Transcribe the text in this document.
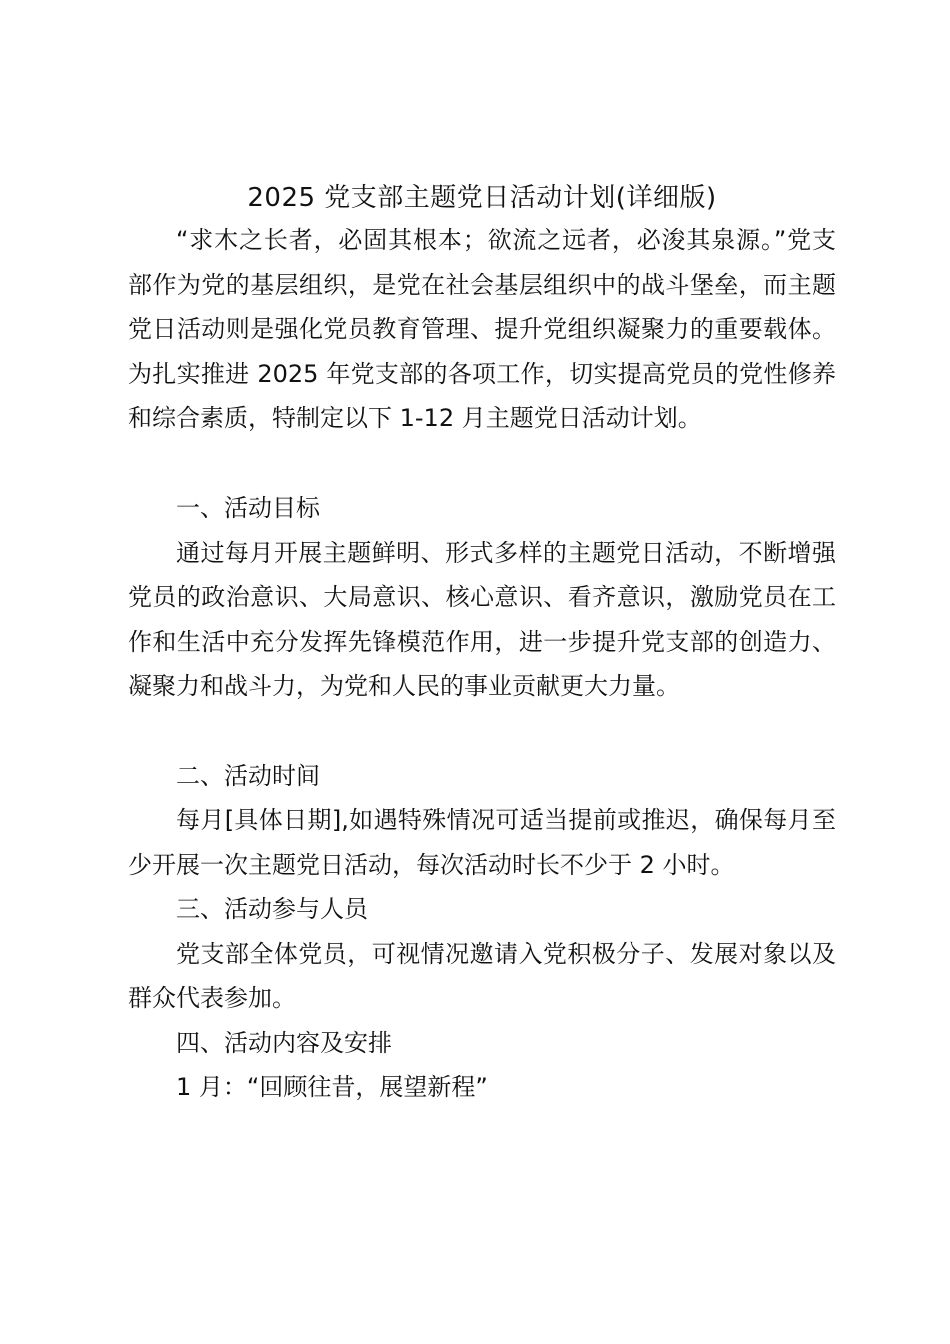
2025 党支部主题党日活动计划(详细版)

“求木之长者，必固其根本；欲流之远者，必浚其泉源。”党支部作为党的基层组织，是党在社会基层组织中的战斗堡垒，而主题党日活动则是强化党员教育管理、提升党组织凝聚力的重要载体。为扎实推进 2025 年党支部的各项工作，切实提高党员的党性修养和综合素质，特制定以下 1-12 月主题党日活动计划。

一、活动目标

通过每月开展主题鲜明、形式多样的主题党日活动，不断增强党员的政治意识、大局意识、核心意识、看齐意识，激励党员在工作和生活中充分发挥先锋模范作用，进一步提升党支部的创造力、凝聚力和战斗力，为党和人民的事业贡献更大力量。

二、活动时间

每月[具体日期],如遇特殊情况可适当提前或推迟，确保每月至少开展一次主题党日活动，每次活动时长不少于 2 小时。

三、活动参与人员

党支部全体党员，可视情况邀请入党积极分子、发展对象以及群众代表参加。

四、活动内容及安排

1 月：“回顾往昔，展望新程”
